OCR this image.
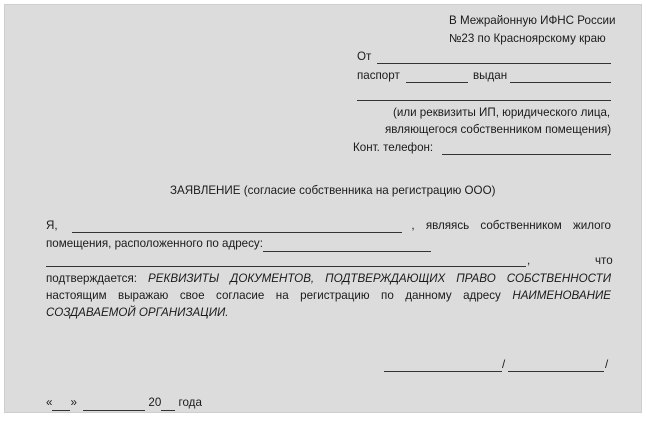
В Межрайонную ИФНС России
№23 по Красноярскому краю
От
паспорт	выдан
(или реквизиты ИП, юридического лица,
являющегося собственником помещения)
Конт. телефон:
ЗАЯВЛЕНИЕ (согласие собственника на регистрацию ООО)
Я,	, являясь собственником жилого
помещения, расположенного по адресу:
,	что
подтверждается: РЕКВИЗИТЫ ДОКУМЕНТОВ, ПОДТВЕРЖДАЮЩИХ ПРАВО СОБСТВЕННОСТИ настоящим выражаю свое согласие на регистрацию по данному адресу НАИМЕНОВАНИЕ СОЗДАВАЕМОЙ ОРГАНИЗАЦИИ.
/	/
« »	20 года
